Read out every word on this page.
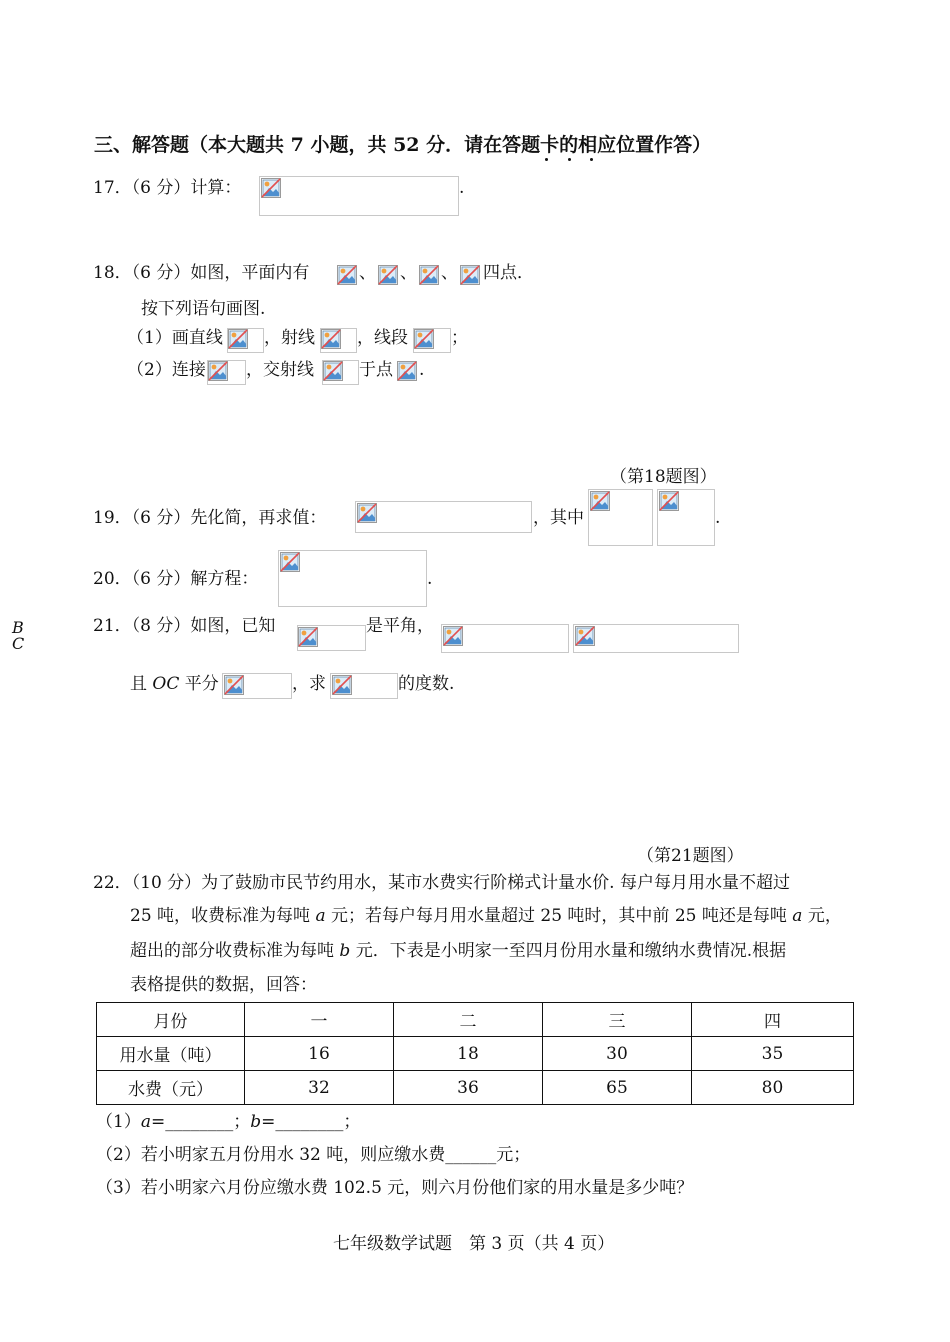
三、解答题（本大题共 7 小题，共 52 分．请在答题卡的相应位置作答）
17．（6 分）计算：	.
18．（6 分）如图，平面内有	、 、 、 四点．
按下列语句画图.
（1）画直线 ，射线 ，线段	；
（2）连接 ，交射线	于点 .
（第18题图）
19．（6 分）先化简，再求值：	，其中	.
20．（6 分）解方程：	.
B
C
21．（8 分）如图，已知	是平角，
且 OC 平分	，求	的度数.
（第21题图）
22．（10 分）为了鼓励市民节约用水，某市水费实行阶梯式计量水价. 每户每月用水量不超过
25 吨，收费标准为每吨 a 元；若每户每月用水量超过 25 吨时，其中前 25 吨还是每吨 a 元，
超出的部分收费标准为每吨 b 元．下表是小明家一至四月份用水量和缴纳水费情况.根据
表格提供的数据，回答：
月份	一	二	三	四
用水量（吨）	16	18	30	35
水费（元）	32	36	65	80
（1）a=________；b=________；
（2）若小明家五月份用水 32 吨，则应缴水费______元；
（3）若小明家六月份应缴水费 102.5 元，则六月份他们家的用水量是多少吨？
七年级数学试题　第 3 页（共 4 页）
